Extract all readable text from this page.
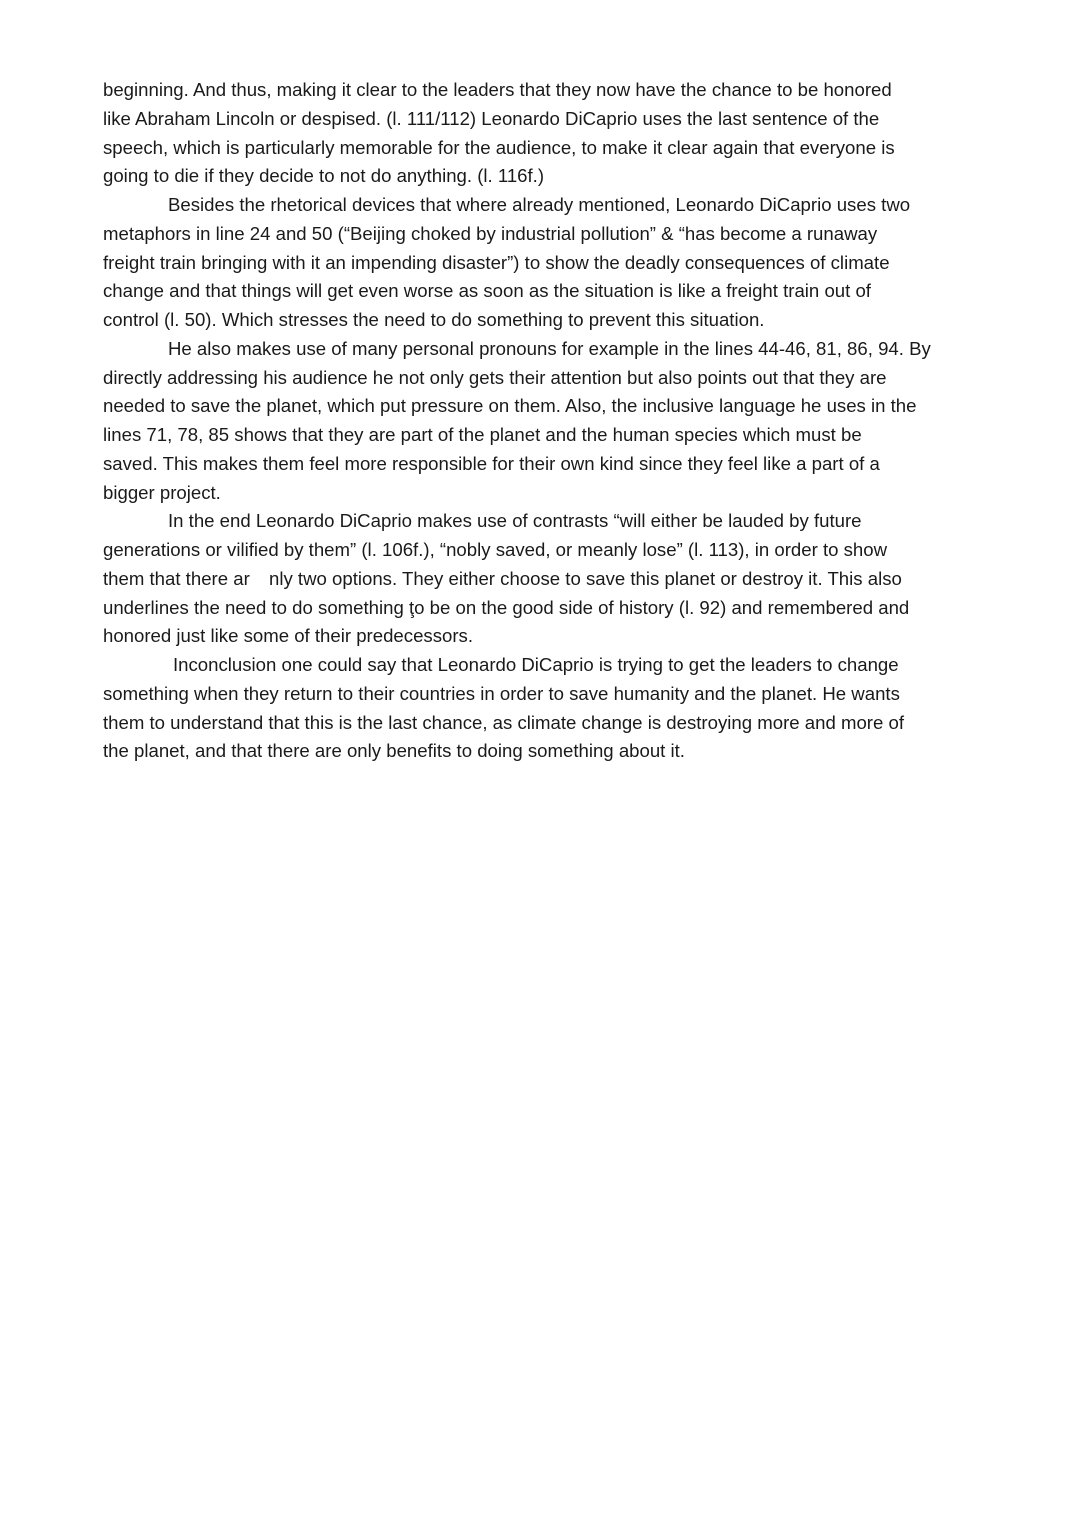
beginning. And thus, making it clear to the leaders that they now have the chance to be honored
like Abraham Lincoln or despised. (l. 111/112) Leonardo DiCaprio uses the last sentence of the
speech, which is particularly memorable for the audience, to make it clear again that everyone is
going to die if they decide to not do anything. (l. 116f.)

Besides the rhetorical devices that where already mentioned, Leonardo DiCaprio uses two
metaphors in line 24 and 50 (“Beijing choked by industrial pollution” & “has become a runaway
freight train bringing with it an impending disaster”) to show the deadly consequences of climate
change and that things will get even worse as soon as the situation is like a freight train out of
control (l. 50). Which stresses the need to do something to prevent this situation.

He also makes use of many personal pronouns for example in the lines 44-46, 81, 86, 94. By
directly addressing his audience he not only gets their attention but also points out that they are
needed to save the planet, which put pressure on them. Also, the inclusive language he uses in the
lines 71, 78, 85 shows that they are part of the planet and the human species which must be
saved. This makes them feel more responsible for their own kind since they feel like a part of a
bigger project.

In the end Leonardo DiCaprio makes use of contrasts “will either be lauded by future
generations or vilified by them” (l. 106f.), “nobly saved, or meanly lose” (l. 113), in order to show
them that there ar    nly two options. They either choose to save this planet or destroy it. This also
underlines the need to do something ţo be on the good side of history (l. 92) and remembered and
honored just like some of their predecessors.

Inconclusion one could say that Leonardo DiCaprio is trying to get the leaders to change
something when they return to their countries in order to save humanity and the planet. He wants
them to understand that this is the last chance, as climate change is destroying more and more of
the planet, and that there are only benefits to doing something about it.
